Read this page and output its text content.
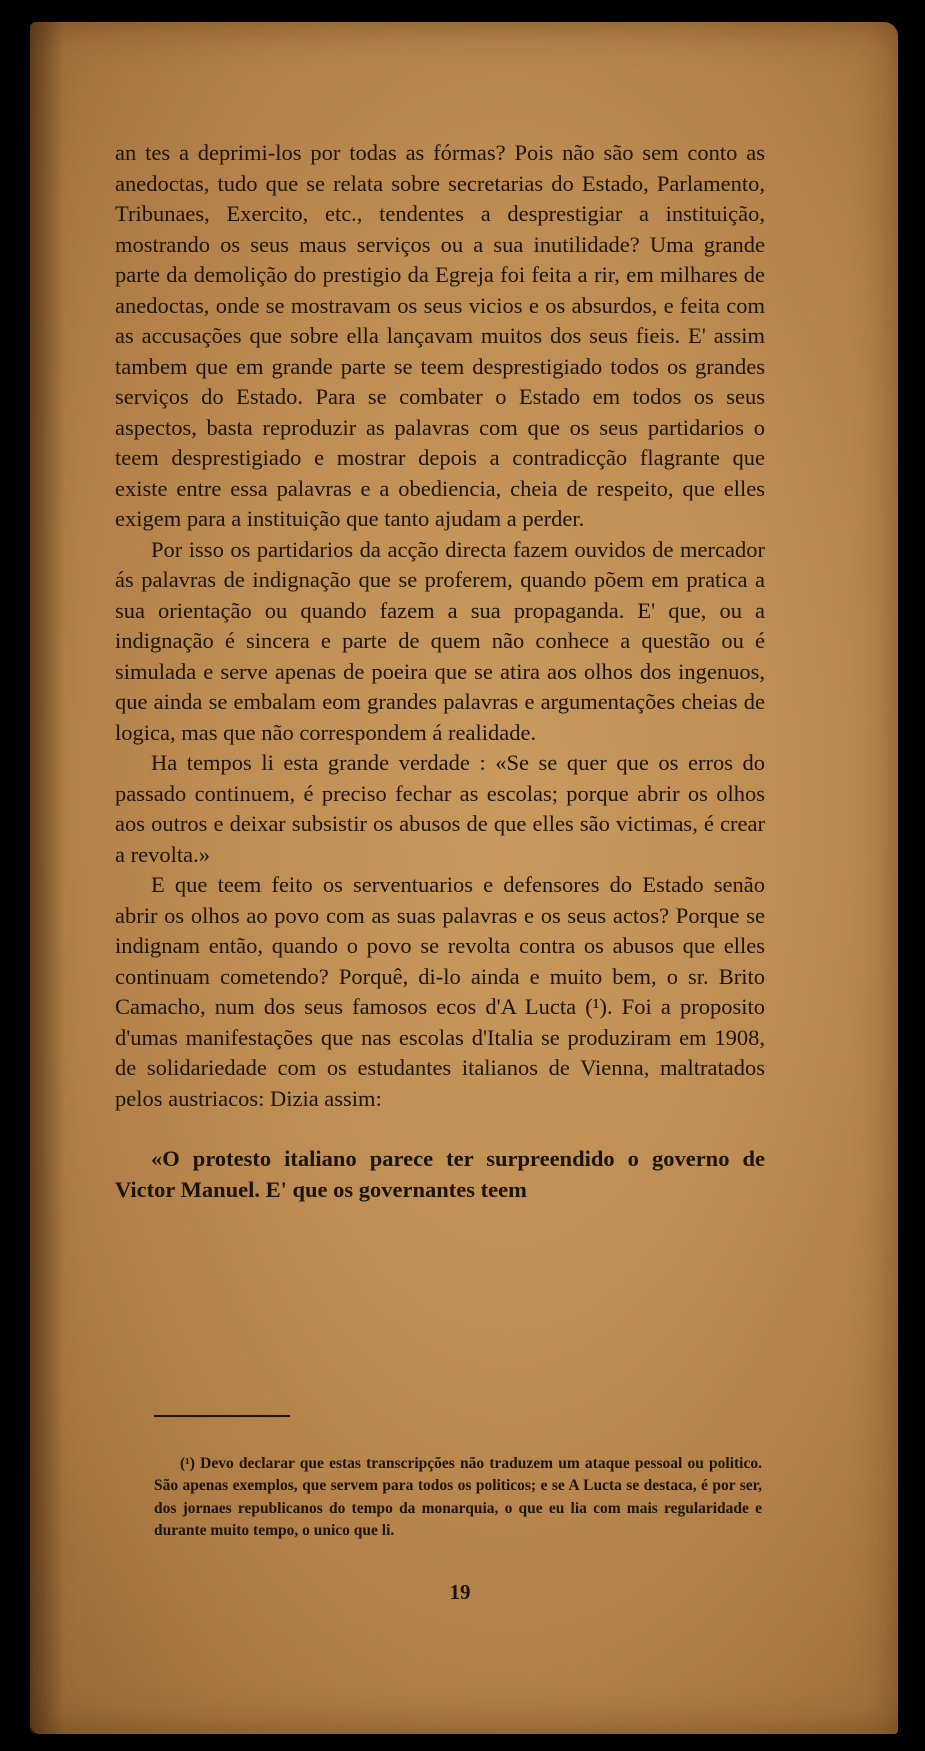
an tes a deprimi-los por todas as fórmas? Pois não são sem conto as anedoctas, tudo que se relata sobre secretarias do Estado, Parlamento, Tribunaes, Exercito, etc., tendentes a desprestigiar a instituição, mostrando os seus maus serviços ou a sua inutilidade? Uma grande parte da demolição do prestigio da Egreja foi feita a rir, em milhares de anedoctas, onde se mostravam os seus vicios e os absurdos, e feita com as accusações que sobre ella lançavam muitos dos seus fieis. E' assim tambem que em grande parte se teem desprestigiado todos os grandes serviços do Estado. Para se combater o Estado em todos os seus aspectos, basta reproduzir as palavras com que os seus partidarios o teem desprestigiado e mostrar depois a contradicção flagrante que existe entre essa palavras e a obediencia, cheia de respeito, que elles exigem para a instituição que tanto ajudam a perder.

Por isso os partidarios da acção directa fazem ouvidos de mercador ás palavras de indignação que se proferem, quando põem em pratica a sua orientação ou quando fazem a sua propaganda. E' que, ou a indignação é sincera e parte de quem não conhece a questão ou é simulada e serve apenas de poeira que se atira aos olhos dos ingenuos, que ainda se embalam eom grandes palavras e argumentações cheias de logica, mas que não correspondem á realidade.

Ha tempos li esta grande verdade : «Se se quer que os erros do passado continuem, é preciso fechar as escolas; porque abrir os olhos aos outros e deixar subsistir os abusos de que elles são victimas, é crear a revolta.»

E que teem feito os serventuarios e defensores do Estado senão abrir os olhos ao povo com as suas palavras e os seus actos? Porque se indignam então, quando o povo se revolta contra os abusos que elles continuam cometendo? Porquê, di-lo ainda e muito bem, o sr. Brito Camacho, num dos seus famosos ecos d'A Lucta (¹). Foi a proposito d'umas manifestações que nas escolas d'Italia se produziram em 1908, de solidariedade com os estudantes italianos de Vienna, maltratados pelos austriacos: Dizia assim:

«O protesto italiano parece ter surpreendido o governo de Victor Manuel. E' que os governantes teem

(¹) Devo declarar que estas transcripções não traduzem um ataque pessoal ou politico. São apenas exemplos, que servem para todos os politicos; e se A Lucta se destaca, é por ser, dos jornaes republicanos do tempo da monarquia, o que eu lia com mais regularidade e durante muito tempo, o unico que li.

19
